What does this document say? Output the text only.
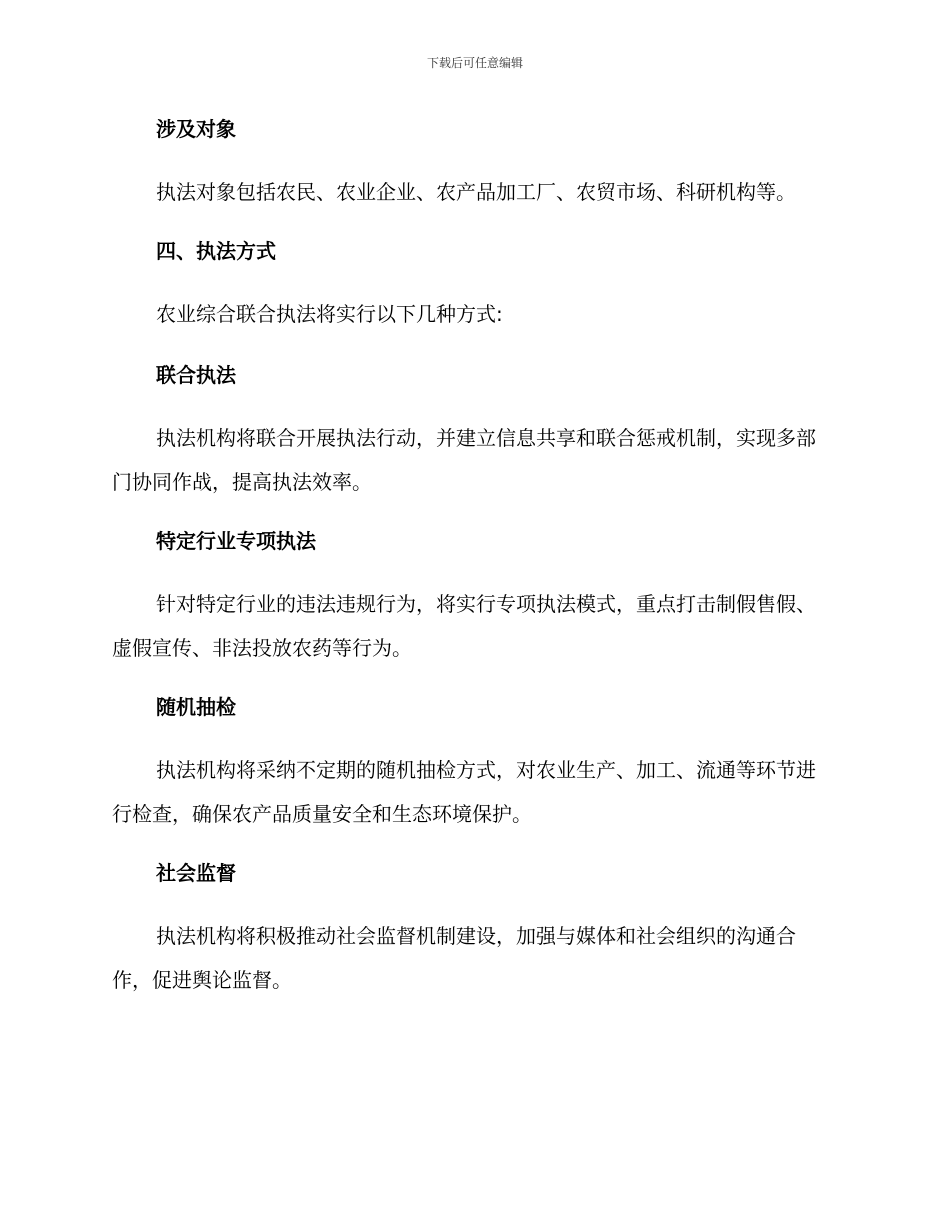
下载后可任意编辑
涉及对象
执法对象包括农民、农业企业、农产品加工厂、农贸市场、科研机构等。
四、执法方式
农业综合联合执法将实行以下几种方式:
联合执法
执法机构将联合开展执法行动，并建立信息共享和联合惩戒机制，实现多部门协同作战，提高执法效率。
特定行业专项执法
针对特定行业的违法违规行为，将实行专项执法模式，重点打击制假售假、虚假宣传、非法投放农药等行为。
随机抽检
执法机构将采纳不定期的随机抽检方式，对农业生产、加工、流通等环节进行检查，确保农产品质量安全和生态环境保护。
社会监督
执法机构将积极推动社会监督机制建设，加强与媒体和社会组织的沟通合作，促进舆论监督。
